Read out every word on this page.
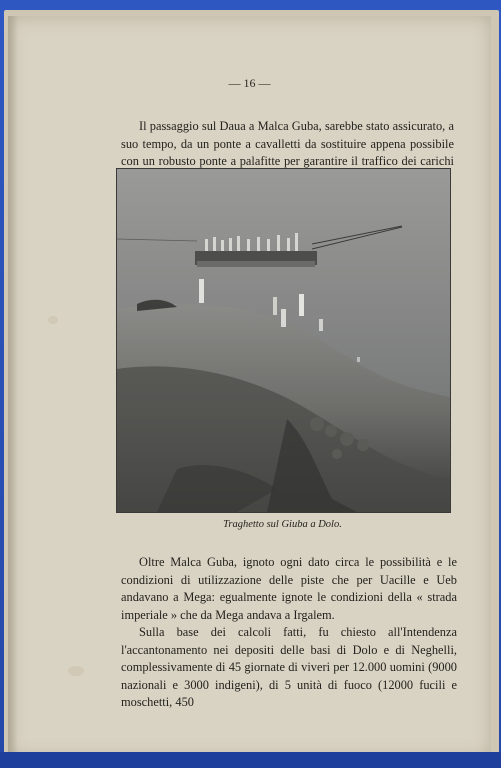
— 16 —

Il passaggio sul Daua a Malca Guba, sarebbe stato assicurato, a suo tempo, da un ponte a cavalletti da sostituire appena possibile con un robusto ponte a palafitte per garantire il traffico dei carichi

Traghetto sul Giuba a Dolo.

Oltre Malca Guba, ignoto ogni dato circa le possibilità e le condizioni di utilizzazione delle piste che per Uacille e Ueb andavano a Mega: egualmente ignote le condizioni della « strada imperiale » che da Mega andava a Irgalem.

Sulla base dei calcoli fatti, fu chiesto all'Intendenza l'accantonamento nei depositi delle basi di Dolo e di Neghelli, complessivamente di 45 giornate di viveri per 12.000 uomini (9000 nazionali e 3000 indigeni), di 5 unità di fuoco (12000 fucili e moschetti, 450
